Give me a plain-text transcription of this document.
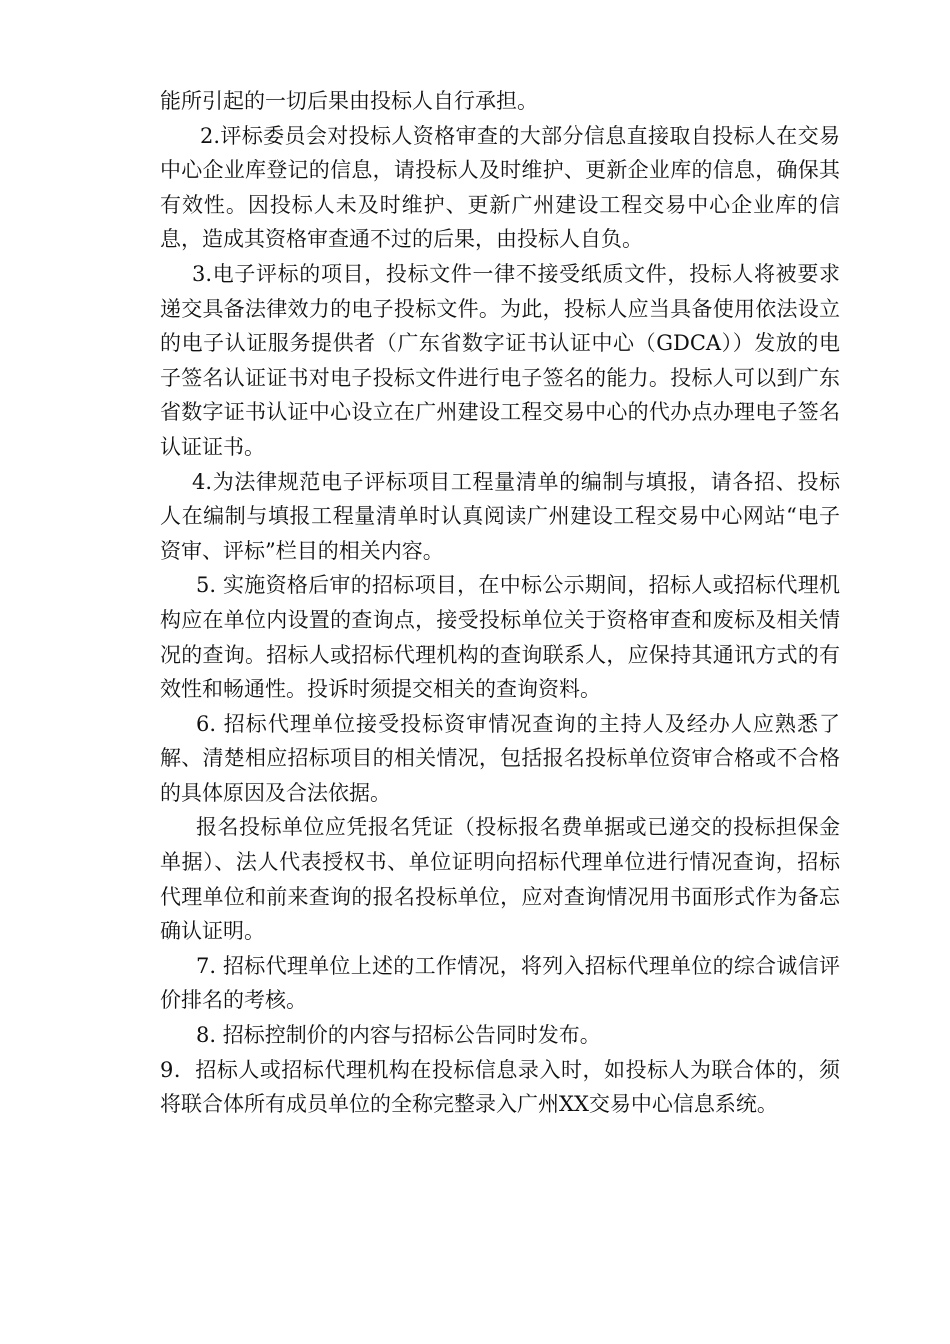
能所引起的一切后果由投标人自行承担。

2.评标委员会对投标人资格审查的大部分信息直接取自投标人在交易中心企业库登记的信息，请投标人及时维护、更新企业库的信息，确保其有效性。因投标人未及时维护、更新广州建设工程交易中心企业库的信息，造成其资格审查通不过的后果，由投标人自负。

3.电子评标的项目，投标文件一律不接受纸质文件，投标人将被要求递交具备法律效力的电子投标文件。为此，投标人应当具备使用依法设立的电子认证服务提供者（广东省数字证书认证中心（GDCA））发放的电子签名认证证书对电子投标文件进行电子签名的能力。投标人可以到广东省数字证书认证中心设立在广州建设工程交易中心的代办点办理电子签名认证证书。

4.为法律规范电子评标项目工程量清单的编制与填报，请各招、投标人在编制与填报工程量清单时认真阅读广州建设工程交易中心网站“电子资审、评标”栏目的相关内容。

5. 实施资格后审的招标项目，在中标公示期间，招标人或招标代理机构应在单位内设置的查询点，接受投标单位关于资格审查和废标及相关情况的查询。招标人或招标代理机构的查询联系人，应保持其通讯方式的有效性和畅通性。投诉时须提交相关的查询资料。

6. 招标代理单位接受投标资审情况查询的主持人及经办人应熟悉了解、清楚相应招标项目的相关情况，包括报名投标单位资审合格或不合格的具体原因及合法依据。

报名投标单位应凭报名凭证（投标报名费单据或已递交的投标担保金单据）、法人代表授权书、单位证明向招标代理单位进行情况查询，招标代理单位和前来查询的报名投标单位，应对查询情况用书面形式作为备忘确认证明。

7. 招标代理单位上述的工作情况，将列入招标代理单位的综合诚信评价排名的考核。

8. 招标控制价的内容与招标公告同时发布。

9．招标人或招标代理机构在投标信息录入时，如投标人为联合体的，须将联合体所有成员单位的全称完整录入广州XX交易中心信息系统。
